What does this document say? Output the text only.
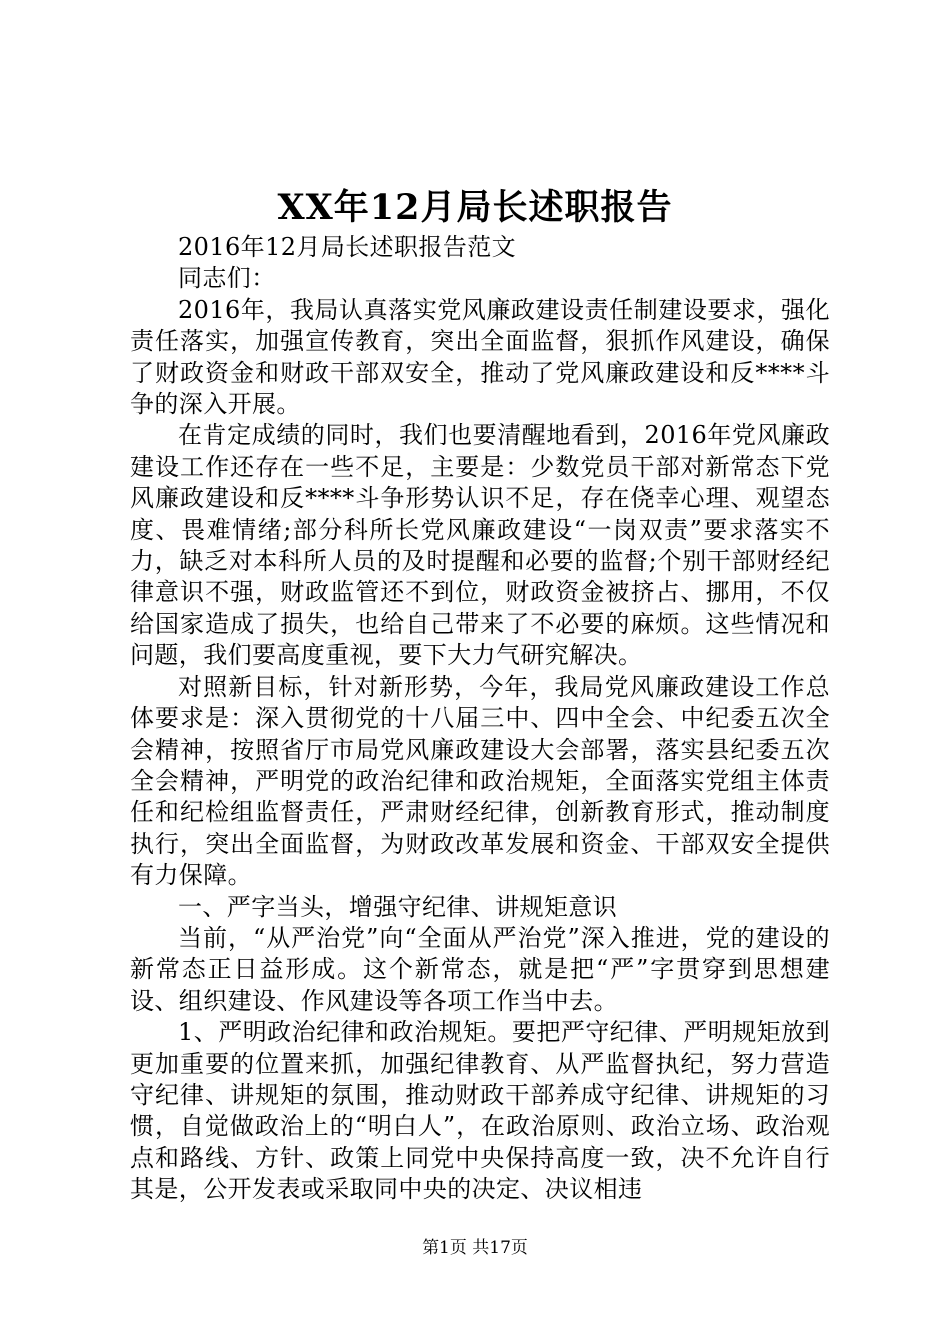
XX年12月局长述职报告

2016年12月局长述职报告范文

同志们：

2016年，我局认真落实党风廉政建设责任制建设要求，强化责任落实，加强宣传教育，突出全面监督，狠抓作风建设，确保了财政资金和财政干部双安全，推动了党风廉政建设和反****斗争的深入开展。

在肯定成绩的同时，我们也要清醒地看到，2016年党风廉政建设工作还存在一些不足，主要是：少数党员干部对新常态下党风廉政建设和反****斗争形势认识不足，存在侥幸心理、观望态度、畏难情绪;部分科所长党风廉政建设“一岗双责”要求落实不力，缺乏对本科所人员的及时提醒和必要的监督;个别干部财经纪律意识不强，财政监管还不到位，财政资金被挤占、挪用，不仅给国家造成了损失，也给自己带来了不必要的麻烦。这些情况和问题，我们要高度重视，要下大力气研究解决。

对照新目标，针对新形势，今年，我局党风廉政建设工作总体要求是：深入贯彻党的十八届三中、四中全会、中纪委五次全会精神，按照省厅市局党风廉政建设大会部署，落实县纪委五次全会精神，严明党的政治纪律和政治规矩，全面落实党组主体责任和纪检组监督责任，严肃财经纪律，创新教育形式，推动制度执行，突出全面监督，为财政改革发展和资金、干部双安全提供有力保障。

一、严字当头，增强守纪律、讲规矩意识

当前，“从严治党”向“全面从严治党”深入推进，党的建设的新常态正日益形成。这个新常态，就是把“严”字贯穿到思想建设、组织建设、作风建设等各项工作当中去。

1、严明政治纪律和政治规矩。要把严守纪律、严明规矩放到更加重要的位置来抓，加强纪律教育、从严监督执纪，努力营造守纪律、讲规矩的氛围，推动财政干部养成守纪律、讲规矩的习惯，自觉做政治上的“明白人”，在政治原则、政治立场、政治观点和路线、方针、政策上同党中央保持高度一致，决不允许自行其是，公开发表或采取同中央的决定、决议相违

第1页 共17页
